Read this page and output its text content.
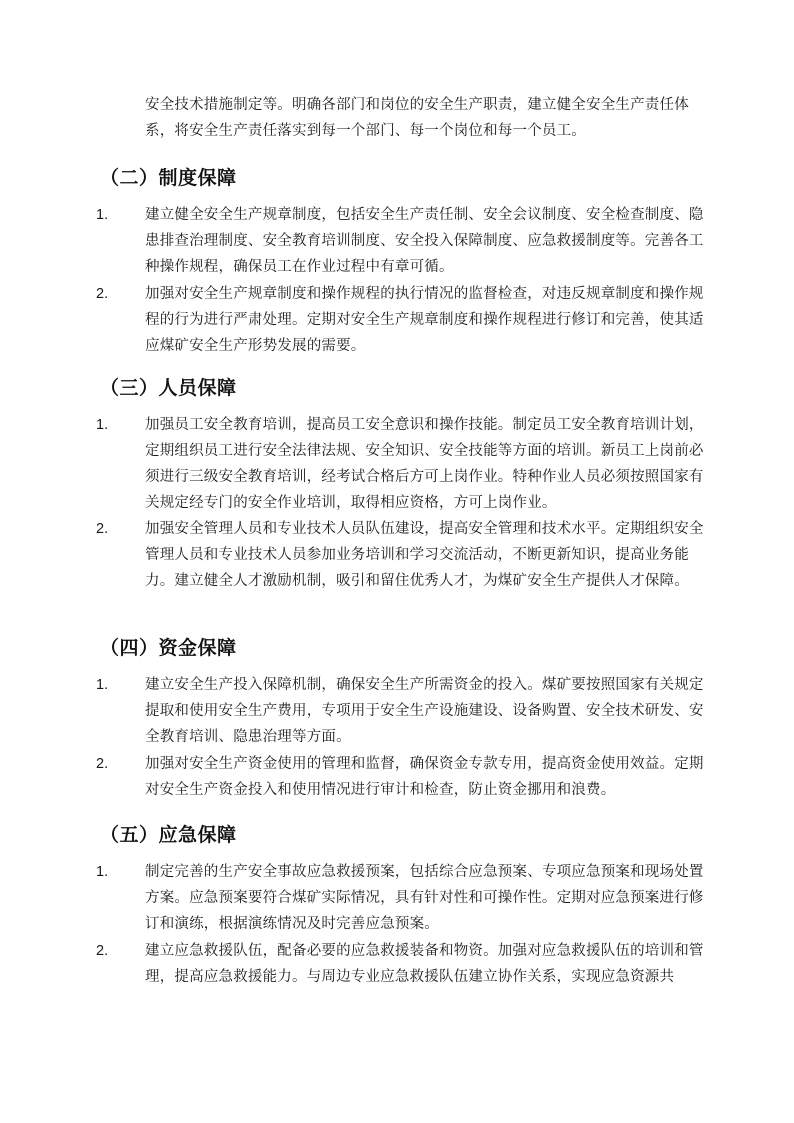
安全技术措施制定等。明确各部门和岗位的安全生产职责，建立健全安全生产责任体系，将安全生产责任落实到每一个部门、每一个岗位和每一个员工。

（二）制度保障
1.	建立健全安全生产规章制度，包括安全生产责任制、安全会议制度、安全检查制度、隐患排查治理制度、安全教育培训制度、安全投入保障制度、应急救援制度等。完善各工种操作规程，确保员工在作业过程中有章可循。

2.	加强对安全生产规章制度和操作规程的执行情况的监督检查，对违反规章制度和操作规程的行为进行严肃处理。定期对安全生产规章制度和操作规程进行修订和完善，使其适应煤矿安全生产形势发展的需要。

（三）人员保障
1.	加强员工安全教育培训，提高员工安全意识和操作技能。制定员工安全教育培训计划，定期组织员工进行安全法律法规、安全知识、安全技能等方面的培训。新员工上岗前必须进行三级安全教育培训，经考试合格后方可上岗作业。特种作业人员必须按照国家有关规定经专门的安全作业培训，取得相应资格，方可上岗作业。

2.	加强安全管理人员和专业技术人员队伍建设，提高安全管理和技术水平。定期组织安全管理人员和专业技术人员参加业务培训和学习交流活动，不断更新知识，提高业务能力。建立健全人才激励机制，吸引和留住优秀人才，为煤矿安全生产提供人才保障。

（四）资金保障
1.	建立安全生产投入保障机制，确保安全生产所需资金的投入。煤矿要按照国家有关规定提取和使用安全生产费用，专项用于安全生产设施建设、设备购置、安全技术研发、安全教育培训、隐患治理等方面。

2.	加强对安全生产资金使用的管理和监督，确保资金专款专用，提高资金使用效益。定期对安全生产资金投入和使用情况进行审计和检查，防止资金挪用和浪费。

（五）应急保障
1.	制定完善的生产安全事故应急救援预案，包括综合应急预案、专项应急预案和现场处置方案。应急预案要符合煤矿实际情况，具有针对性和可操作性。定期对应急预案进行修订和演练，根据演练情况及时完善应急预案。

2.	建立应急救援队伍，配备必要的应急救援装备和物资。加强对应急救援队伍的培训和管理，提高应急救援能力。与周边专业应急救援队伍建立协作关系，实现应急资源共
